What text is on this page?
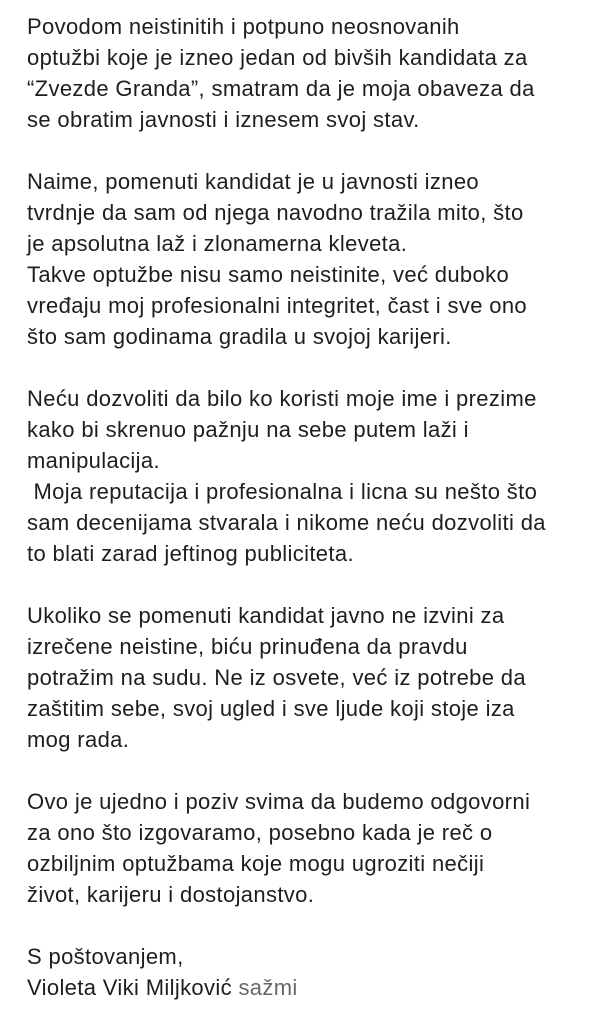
Povodom neistinitih i potpuno neosnovanih
optužbi koje je izneo jedan od bivših kandidata za
“Zvezde Granda”, smatram da je moja obaveza da
se obratim javnosti i iznesem svoj stav.
Naime, pomenuti kandidat je u javnosti izneo
tvrdnje da sam od njega navodno tražila mito, što
je apsolutna laž i zlonamerna kleveta.
Takve optužbe nisu samo neistinite, već duboko
vređaju moj profesionalni integritet, čast i sve ono
što sam godinama gradila u svojoj karijeri.
Neću dozvoliti da bilo ko koristi moje ime i prezime
kako bi skrenuo pažnju na sebe putem laži i
manipulacija.
Moja reputacija i profesionalna i licna su nešto što
sam decenijama stvarala i nikome neću dozvoliti da
to blati zarad jeftinog publiciteta.
Ukoliko se pomenuti kandidat javno ne izvini za
izrečene neistine, biću prinuđena da pravdu
potražim na sudu. Ne iz osvete, već iz potrebe da
zaštitim sebe, svoj ugled i sve ljude koji stoje iza
mog rada.
Ovo je ujedno i poziv svima da budemo odgovorni
za ono što izgovaramo, posebno kada je reč o
ozbiljnim optužbama koje mogu ugroziti nečiji
život, karijeru i dostojanstvo.
S poštovanjem,
Violeta Viki Miljković sažmi
